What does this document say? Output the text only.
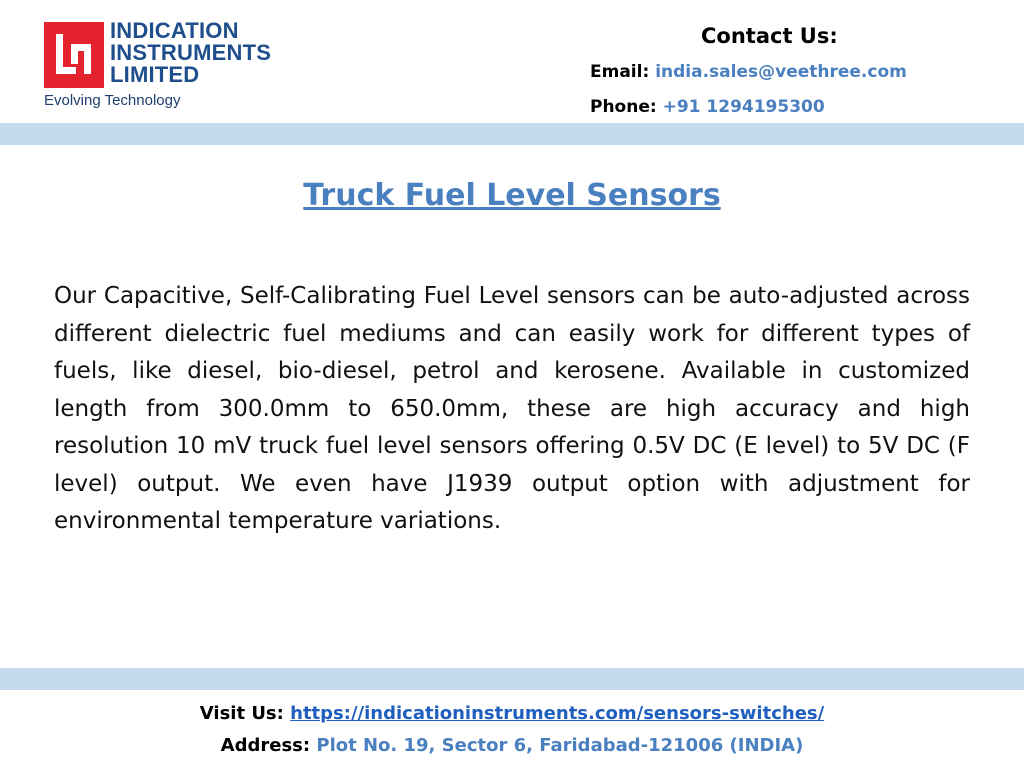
INDICATION
INSTRUMENTS
LIMITED
Evolving Technology
Contact Us:
Email: india.sales@veethree.com
Phone: +91 1294195300
Truck Fuel Level Sensors
Our Capacitive, Self-Calibrating Fuel Level sensors can be auto-adjusted across different dielectric fuel mediums and can easily work for different types of fuels, like diesel, bio-diesel, petrol and kerosene. Available in customized length from 300.0mm to 650.0mm, these are high accuracy and high resolution 10 mV truck fuel level sensors offering 0.5V DC (E level) to 5V DC (F level) output. We even have J1939 output option with adjustment for environmental temperature variations.
Visit Us: https://indicationinstruments.com/sensors-switches/
Address: Plot No. 19, Sector 6, Faridabad-121006 (INDIA)
